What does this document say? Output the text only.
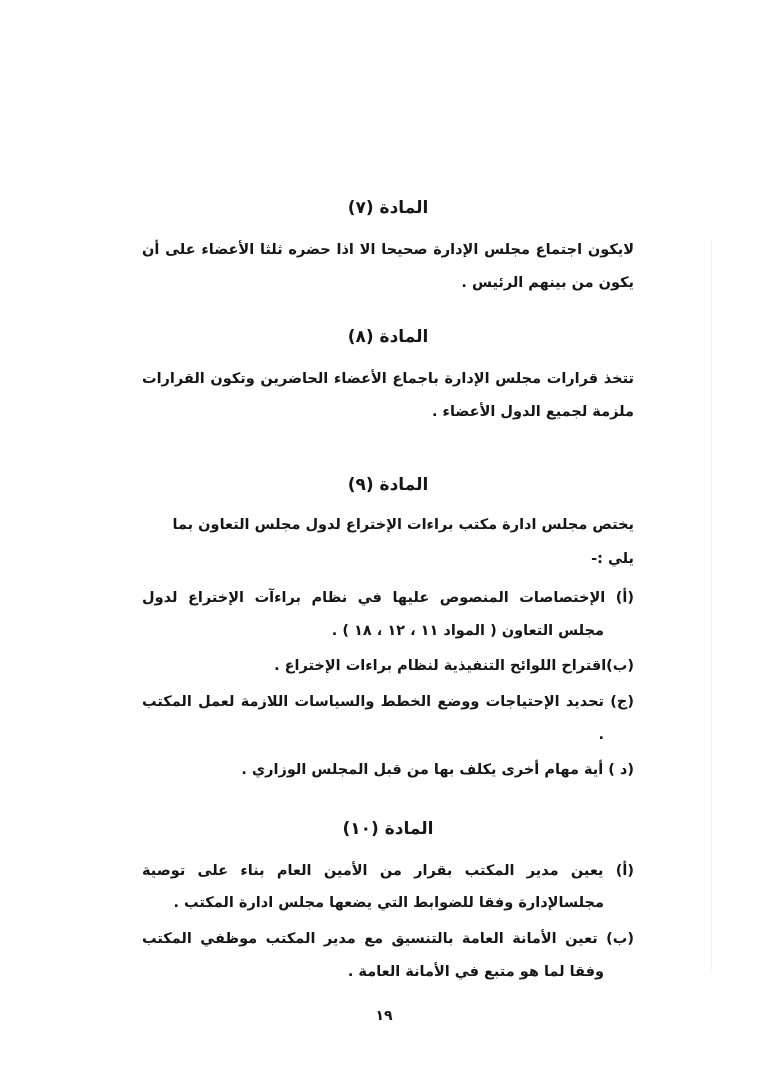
المادة (٧)

لايكون اجتماع مجلس الإدارة صحيحا الا اذا حضره ثلثا الأعضاء على أن يكون من بينهم الرئيس .

المادة (٨)

تتخذ قرارات مجلس الإدارة باجماع الأعضاء الحاضرين وتكون القرارات ملزمة لجميع الدول الأعضاء .

المادة (٩)

يختص مجلس ادارة مكتب براءات الإختراع لدول مجلس التعاون بما يلي :-

(أ) الإختصاصات المنصوص عليها في نظام براءآت الإختراع لدول مجلس التعاون ( المواد ١١ ، ١٢ ، ١٨ ) .

(ب)اقتراح اللوائح التنفيذية لنظام براءات الإختراع .

(ج) تحديد الإحتياجات ووضع الخطط والسياسات اللازمة لعمل المكتب .

(د ) أية مهام أخرى يكلف بها من قبل المجلس الوزاري .

المادة (١٠)

(أ) يعين مدير المكتب بقرار من الأمين العام بناء على توصية مجلسالإدارة وفقا للضوابط التي يضعها مجلس ادارة المكتب .

(ب) تعين الأمانة العامة بالتنسيق مع مدير المكتب موظفي المكتب وفقا لما هو متبع في الأمانة العامة .

١٩
